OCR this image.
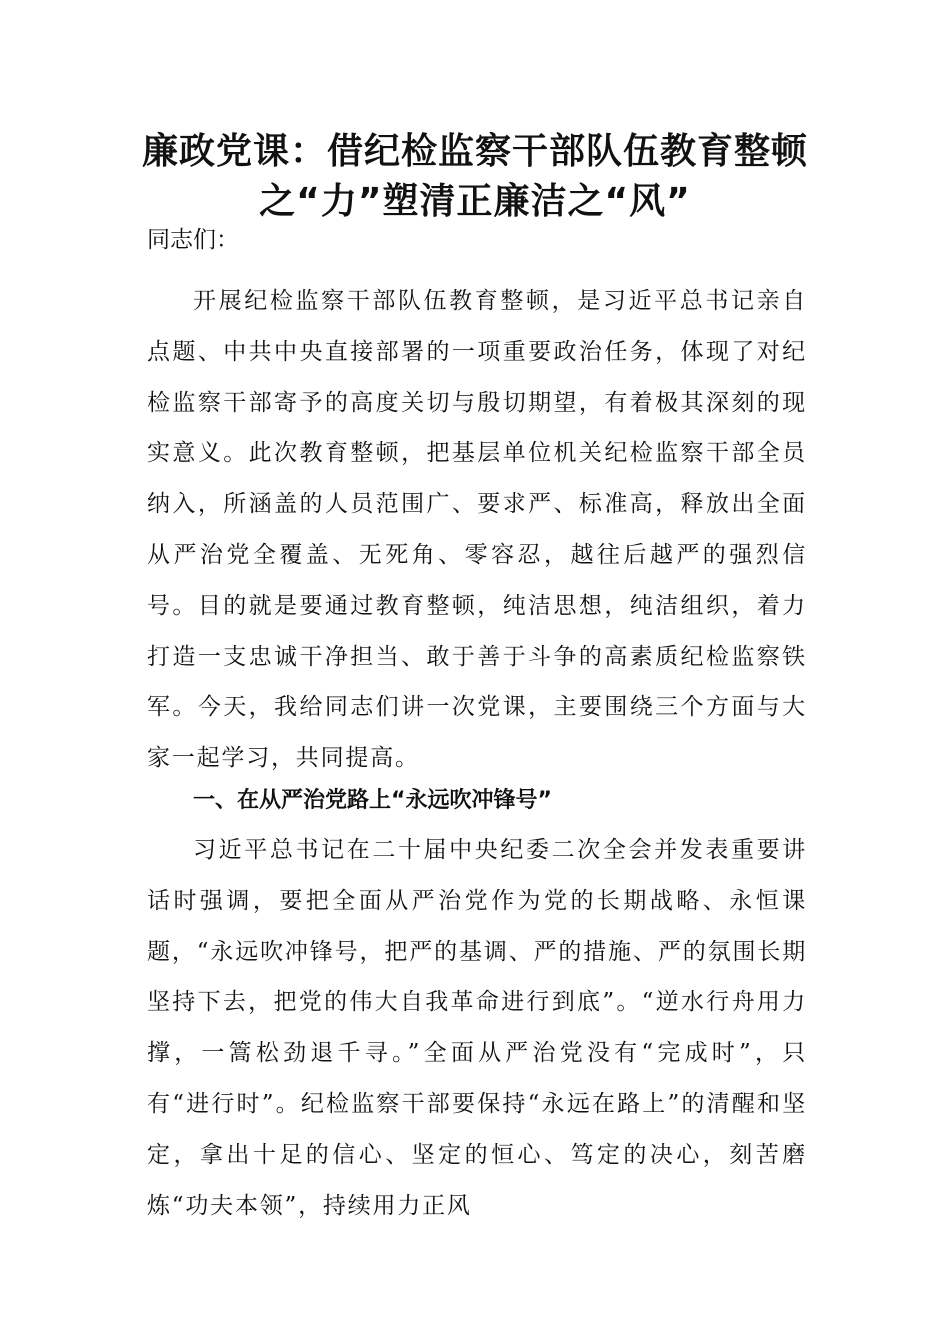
廉政党课：借纪检监察干部队伍教育整顿
之“力”塑清正廉洁之“风”

同志们：

开展纪检监察干部队伍教育整顿，是习近平总书记亲自点题、中共中央直接部署的一项重要政治任务，体现了对纪检监察干部寄予的高度关切与殷切期望，有着极其深刻的现实意义。此次教育整顿，把基层单位机关纪检监察干部全员纳入，所涵盖的人员范围广、要求严、标准高，释放出全面从严治党全覆盖、无死角、零容忍，越往后越严的强烈信号。目的就是要通过教育整顿，纯洁思想，纯洁组织，着力打造一支忠诚干净担当、敢于善于斗争的高素质纪检监察铁军。今天，我给同志们讲一次党课，主要围绕三个方面与大家一起学习，共同提高。

一、在从严治党路上“永远吹冲锋号”

习近平总书记在二十届中央纪委二次全会并发表重要讲话时强调，要把全面从严治党作为党的长期战略、永恒课题，“永远吹冲锋号，把严的基调、严的措施、严的氛围长期坚持下去，把党的伟大自我革命进行到底”。“逆水行舟用力撑，一篙松劲退千寻。”全面从严治党没有“完成时”，只有“进行时”。纪检监察干部要保持“永远在路上”的清醒和坚定，拿出十足的信心、坚定的恒心、笃定的决心，刻苦磨炼“功夫本领”，持续用力正风
